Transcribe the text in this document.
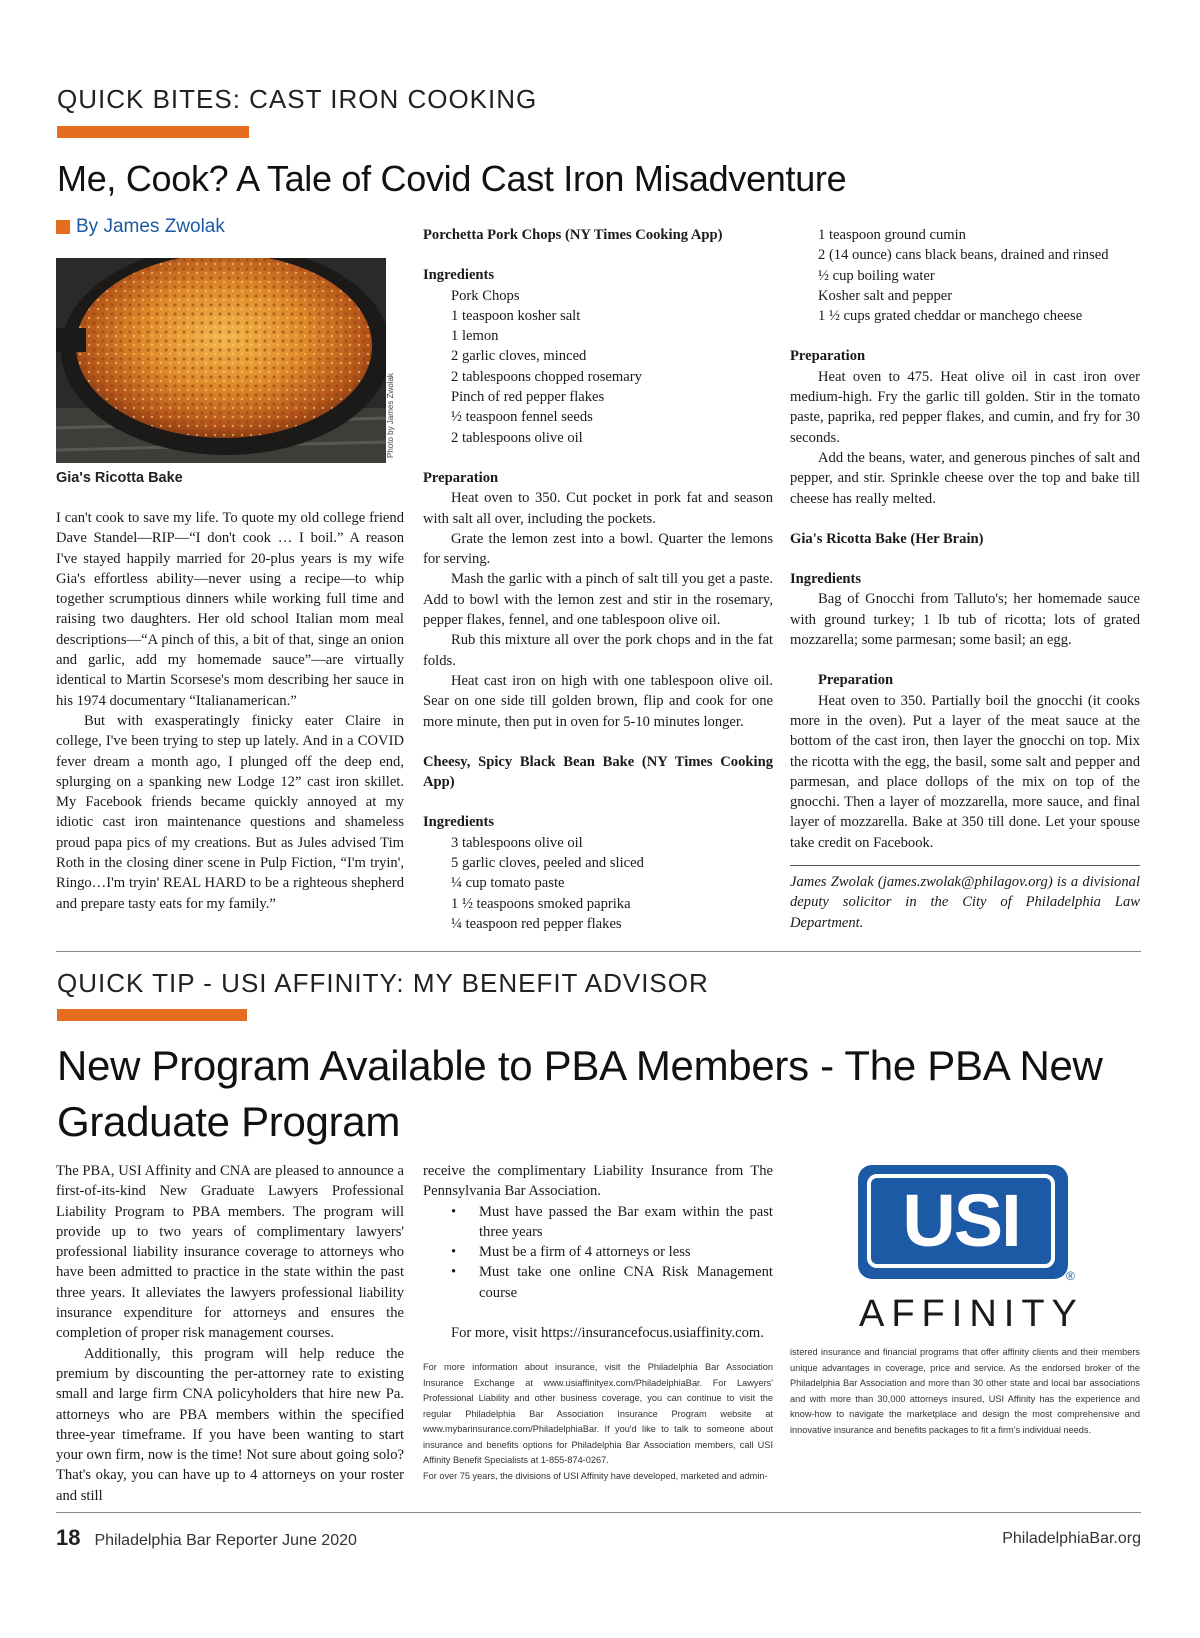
QUICK BITES: CAST IRON COOKING
Me, Cook? A Tale of Covid Cast Iron Misadventure
By James Zwolak
Photo by James Zwolak
Gia's Ricotta Bake

I can't cook to save my life. To quote my old college friend Dave Standel—RIP—“I don't cook … I boil.” A reason I've stayed happily married for 20-plus years is my wife Gia's effortless ability—never using a recipe—to whip together scrumptious dinners while working full time and raising two daughters. Her old school Italian mom meal descriptions—“A pinch of this, a bit of that, singe an onion and garlic, add my homemade sauce”—are virtually identical to Martin Scorsese's mom describing her sauce in his 1974 documentary “Italianamerican.”

But with exasperatingly finicky eater Claire in college, I've been trying to step up lately. And in a COVID fever dream a month ago, I plunged off the deep end, splurging on a spanking new Lodge 12” cast iron skillet. My Facebook friends became quickly annoyed at my idiotic cast iron maintenance questions and shameless proud papa pics of my creations. But as Jules advised Tim Roth in the closing diner scene in Pulp Fiction, “I'm tryin', Ringo…I'm tryin' REAL HARD to be a righteous shepherd and prepare tasty eats for my family.”

Porchetta Pork Chops (NY Times Cooking App)

Ingredients

Pork Chops
1 teaspoon kosher salt
1 lemon
2 garlic cloves, minced
2 tablespoons chopped rosemary
Pinch of red pepper flakes
½ teaspoon fennel seeds
2 tablespoons olive oil

Preparation

Heat oven to 350. Cut pocket in pork fat and season with salt all over, including the pockets.

Grate the lemon zest into a bowl. Quarter the lemons for serving.

Mash the garlic with a pinch of salt till you get a paste. Add to bowl with the lemon zest and stir in the rosemary, pepper flakes, fennel, and one tablespoon olive oil.

Rub this mixture all over the pork chops and in the fat folds.

Heat cast iron on high with one tablespoon olive oil. Sear on one side till golden brown, flip and cook for one more minute, then put in oven for 5-10 minutes longer.

Cheesy, Spicy Black Bean Bake (NY Times Cooking App)

Ingredients

3 tablespoons olive oil
5 garlic cloves, peeled and sliced
¼ cup tomato paste
1 ½ teaspoons smoked paprika
¼ teaspoon red pepper flakes
1 teaspoon ground cumin
2 (14 ounce) cans black beans, drained and rinsed
½ cup boiling water
Kosher salt and pepper
1 ½ cups grated cheddar or manchego cheese

Preparation

Heat oven to 475. Heat olive oil in cast iron over medium-high. Fry the garlic till golden. Stir in the tomato paste, paprika, red pepper flakes, and cumin, and fry for 30 seconds.

Add the beans, water, and generous pinches of salt and pepper, and stir. Sprinkle cheese over the top and bake till cheese has really melted.

Gia's Ricotta Bake (Her Brain)

Ingredients

Bag of Gnocchi from Talluto's; her homemade sauce with ground turkey; 1 lb tub of ricotta; lots of grated mozzarella; some parmesan; some basil; an egg.

Preparation

Heat oven to 350. Partially boil the gnocchi (it cooks more in the oven). Put a layer of the meat sauce at the bottom of the cast iron, then layer the gnocchi on top. Mix the ricotta with the egg, the basil, some salt and pepper and parmesan, and place dollops of the mix on top of the gnocchi. Then a layer of mozzarella, more sauce, and final layer of mozzarella. Bake at 350 till done. Let your spouse take credit on Facebook.

James Zwolak (james.zwolak@philagov.org) is a divisional deputy solicitor in the City of Philadelphia Law Department.

QUICK TIP - USI AFFINITY: MY BENEFIT ADVISOR
New Program Available to PBA Members - The PBA New
Graduate Program

The PBA, USI Affinity and CNA are pleased to announce a first-of-its-kind New Graduate Lawyers Professional Liability Program to PBA members. The program will provide up to two years of complimentary lawyers' professional liability insurance coverage to attorneys who have been admitted to practice in the state within the past three years. It alleviates the lawyers professional liability insurance expenditure for attorneys and ensures the completion of proper risk management courses.

Additionally, this program will help reduce the premium by discounting the per-attorney rate to existing small and large firm CNA policyholders that hire new Pa. attorneys who are PBA members within the specified three-year timeframe. If you have been wanting to start your own firm, now is the time! Not sure about going solo? That's okay, you can have up to 4 attorneys on your roster and still

receive the complimentary Liability Insurance from The Pennsylvania Bar Association.

• Must have passed the Bar exam within the past three years
• Must be a firm of 4 attorneys or less
• Must take one online CNA Risk Management course

For more, visit https://insurancefocus.usiaffinity.com.

For more information about insurance, visit the Philadelphia Bar Association Insurance Exchange at www.usiaffinityex.com/PhiladelphiaBar. For Lawyers' Professional Liability and other business coverage, you can continue to visit the regular Philadelphia Bar Association Insurance Program website at www.mybarinsurance.com/PhiladelphiaBar. If you'd like to talk to someone about insurance and benefits options for Philadelphia Bar Association members, call USI Affinity Benefit Specialists at 1-855-874-0267.

For over 75 years, the divisions of USI Affinity have developed, marketed and admin-

USI
®
AFFINITY

istered insurance and financial programs that offer affinity clients and their members unique advantages in coverage, price and service. As the endorsed broker of the Philadelphia Bar Association and more than 30 other state and local bar associations and with more than 30,000 attorneys insured, USI Affinity has the experience and know-how to navigate the marketplace and design the most comprehensive and innovative insurance and benefits packages to fit a firm's individual needs.

18 Philadelphia Bar Reporter June 2020	PhiladelphiaBar.org
